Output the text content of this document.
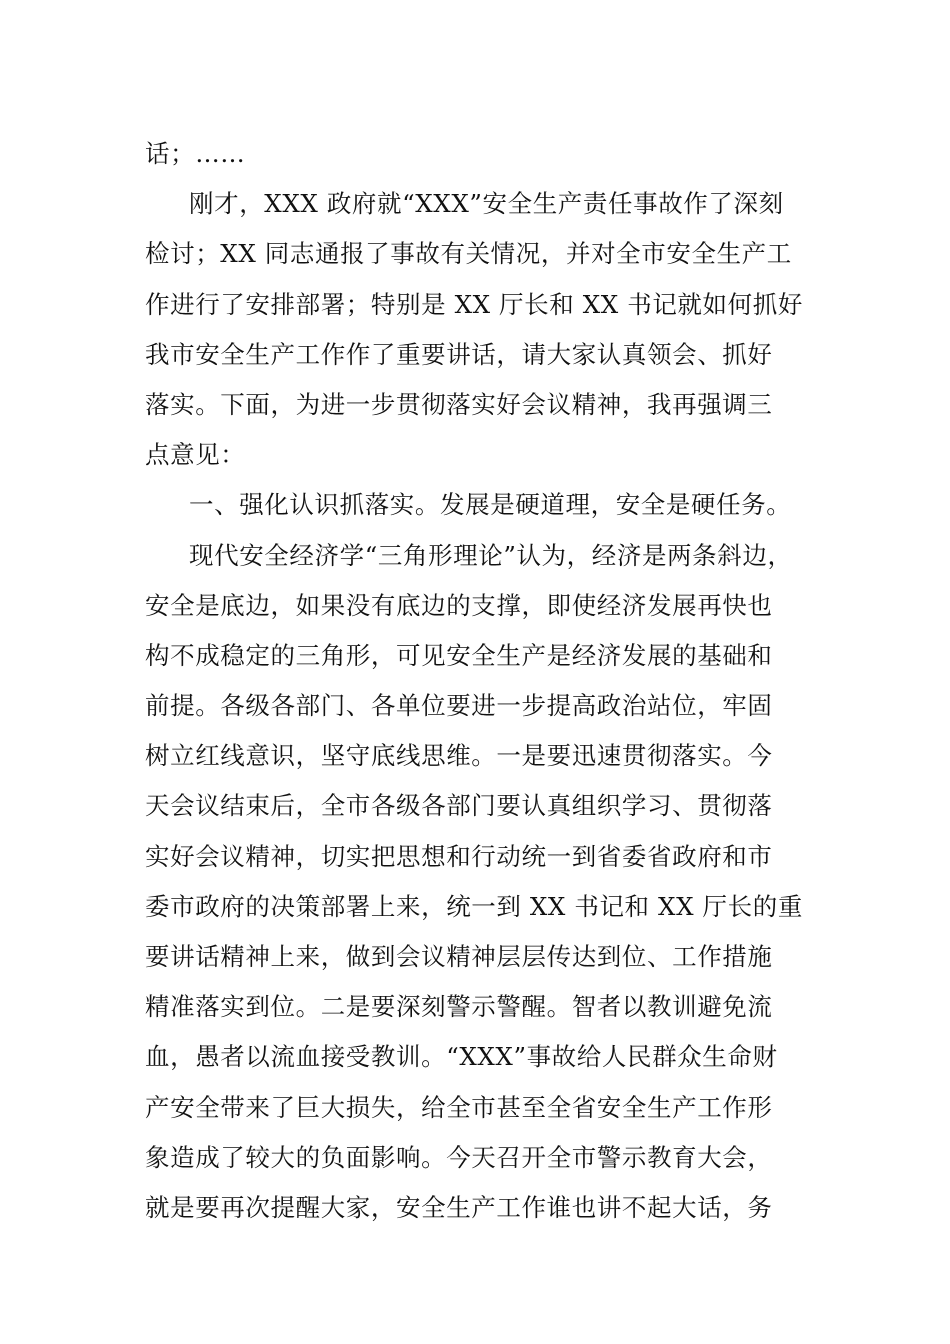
话；……
刚才，XXX 政府就“XXX”安全生产责任事故作了深刻
检讨；XX 同志通报了事故有关情况，并对全市安全生产工
作进行了安排部署；特别是 XX 厅长和 XX 书记就如何抓好
我市安全生产工作作了重要讲话，请大家认真领会、抓好
落实。下面，为进一步贯彻落实好会议精神，我再强调三
点意见：
一、强化认识抓落实。发展是硬道理，安全是硬任务。
现代安全经济学“三角形理论”认为，经济是两条斜边，
安全是底边，如果没有底边的支撑，即使经济发展再快也
构不成稳定的三角形，可见安全生产是经济发展的基础和
前提。各级各部门、各单位要进一步提高政治站位，牢固
树立红线意识，坚守底线思维。一是要迅速贯彻落实。今
天会议结束后，全市各级各部门要认真组织学习、贯彻落
实好会议精神，切实把思想和行动统一到省委省政府和市
委市政府的决策部署上来，统一到 XX 书记和 XX 厅长的重
要讲话精神上来，做到会议精神层层传达到位、工作措施
精准落实到位。二是要深刻警示警醒。智者以教训避免流
血，愚者以流血接受教训。“XXX”事故给人民群众生命财
产安全带来了巨大损失，给全市甚至全省安全生产工作形
象造成了较大的负面影响。今天召开全市警示教育大会，
就是要再次提醒大家，安全生产工作谁也讲不起大话，务
